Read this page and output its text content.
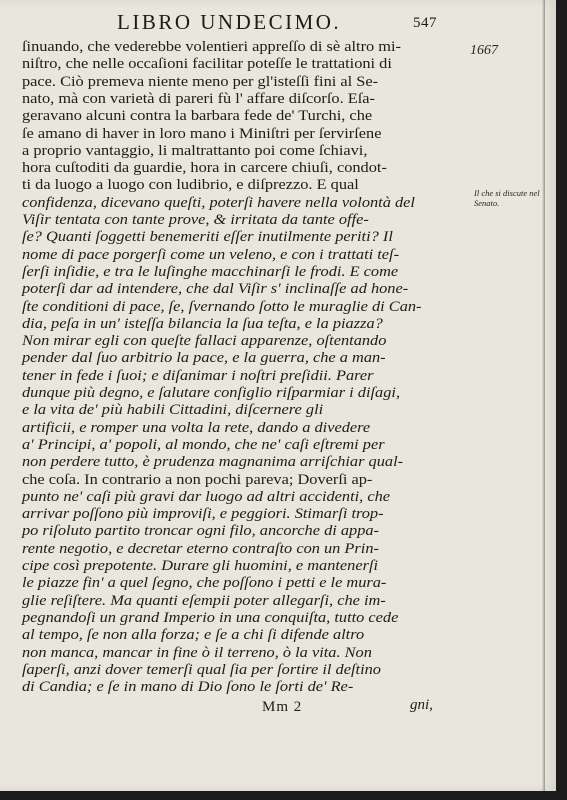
LIBRO UNDECIMO.	547
1667
Il che si discute nel Senato.
ſinuando, che vederebbe volentieri appreſſo di sè altro mi-
niſtro, che nelle occaſioni facilitar poteſſe le trattationi di
pace. Ciò premeva niente meno per gl'isteſſi fini al Se-
nato, mà con varietà di pareri fù l' affare diſcorſo. Eſa-
geravano alcuni contra la barbara fede de' Turchi, che
ſe amano di haver in loro mano i Miniſtri per ſervirſene
a proprio vantaggio, li maltrattanto poi come ſchiavi,
hora cuſtoditi da guardie, hora in carcere chiuſi, condot-
ti da luogo a luogo con ludibrio, e diſprezzo. E qual
confidenza, dicevano queſti, poterſi havere nella volontà del
Viſir tentata con tante prove, & irritata da tante offe-
ſe? Quanti ſoggetti benemeriti eſſer inutilmente periti? Il
nome di pace porgerſi come un veleno, e con i trattati teſ-
ſerſi inſidie, e tra le luſinghe macchinarſi le frodi. E come
poterſi dar ad intendere, che dal Viſir s' inclinaſſe ad hone-
ſte conditioni di pace, ſe, ſvernando ſotto le muraglie di Can-
dia, peſa in un' isteſſa bilancia la ſua teſta, e la piazza?
Non mirar egli con queſte fallaci apparenze, oſtentando
pender dal ſuo arbitrio la pace, e la guerra, che a man-
tener in fede i ſuoi; e diſanimar i noſtri preſidii. Parer
dunque più degno, e ſalutare conſiglio riſparmiar i diſagi,
e la vita de' più habili Cittadini, diſcernere gli
artificii, e romper una volta la rete, dando a divedere
a' Principi, a' popoli, al mondo, che ne' caſi eſtremi per
non perdere tutto, è prudenza magnanima arriſchiar qual-
che coſa. In contrario a non pochi pareva; Doverſi ap-
punto ne' caſi più gravi dar luogo ad altri accidenti, che
arrivar poſſono più improviſi, e peggiori. Stimarſi trop-
po riſoluto partito troncar ogni filo, ancorche di appa-
rente negotio, e decretar eterno contraſto con un Prin-
cipe così prepotente. Durare gli huomini, e mantenerſi
le piazze fin' a quel ſegno, che poſſono i petti e le mura-
glie reſiſtere. Ma quanti eſempii poter allegarſi, che im-
pegnandoſi un grand Imperio in una conquiſta, tutto cede
al tempo, ſe non alla forza; e ſe a chi ſi difende altro
non manca, mancar in fine ò il terreno, ò la vita. Non
ſaperſi, anzi dover temerſi qual ſia per ſortire il deſtino
di Candia; e ſe in mano di Dio ſono le ſorti de' Re-
Mm 2	gni,
